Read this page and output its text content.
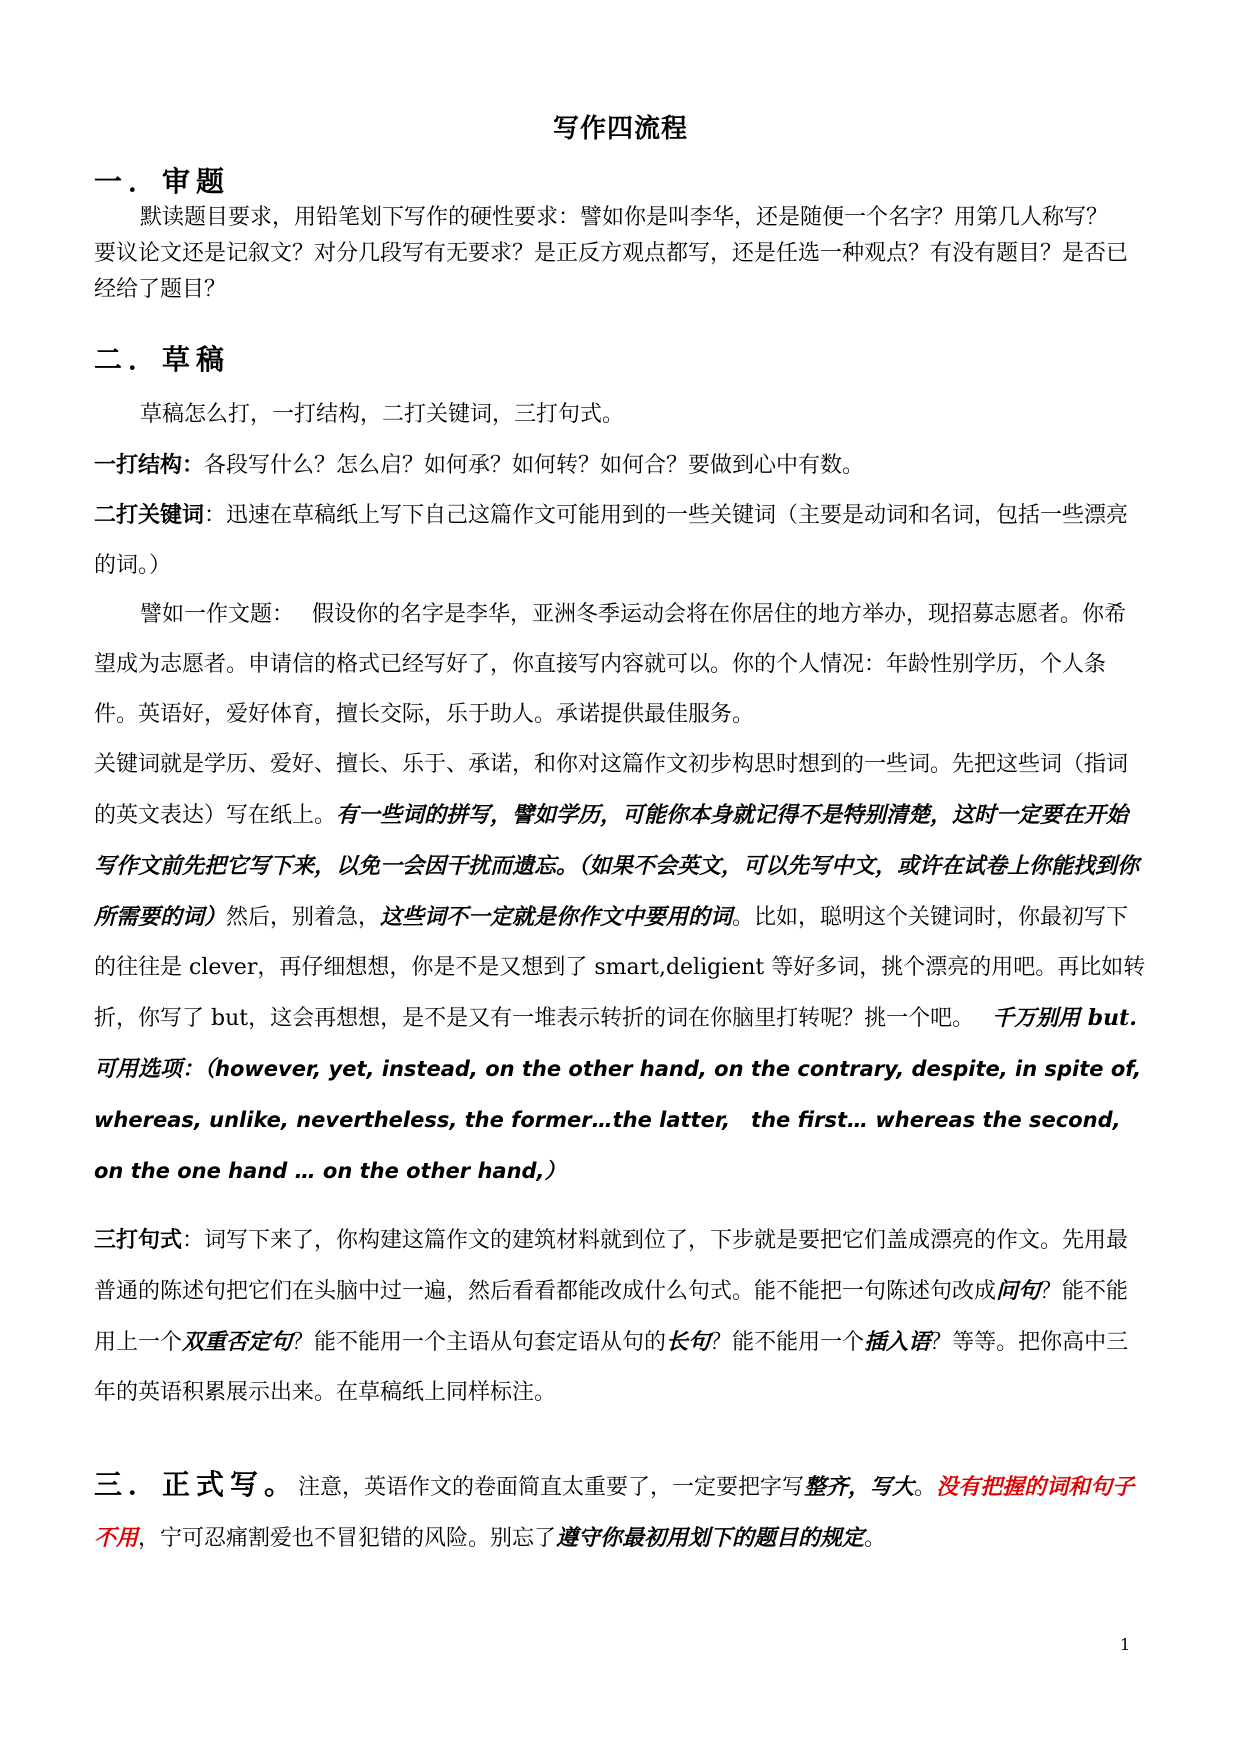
写作四流程
一．审题
默读题目要求，用铅笔划下写作的硬性要求：譬如你是叫李华，还是随便一个名字？用第几人称写？　要议论文还是记叙文？对分几段写有无要求？是正反方观点都写，还是任选一种观点？有没有题目？是否已经给了题目？
二．草稿
草稿怎么打，一打结构，二打关键词，三打句式。
一打结构：各段写什么？怎么启？如何承？如何转？如何合？要做到心中有数。
二打关键词：迅速在草稿纸上写下自己这篇作文可能用到的一些关键词（主要是动词和名词，包括一些漂亮的词。）
譬如一作文题：　 假设你的名字是李华，亚洲冬季运动会将在你居住的地方举办，现招募志愿者。你希望成为志愿者。申请信的格式已经写好了，你直接写内容就可以。你的个人情况：年龄性别学历，个人条件。英语好，爱好体育，擅长交际，乐于助人。承诺提供最佳服务。
关键词就是学历、爱好、擅长、乐于、承诺，和你对这篇作文初步构思时想到的一些词。先把这些词（指词的英文表达）写在纸上。有一些词的拼写，譬如学历，可能你本身就记得不是特别清楚，这时一定要在开始写作文前先把它写下来，以免一会因干扰而遗忘。（如果不会英文，可以先写中文，或许在试卷上你能找到你所需要的词）然后，别着急，这些词不一定就是你作文中要用的词。比如，聪明这个关键词时，你最初写下的往往是 clever，再仔细想想，你是不是又想到了 smart,deligient 等好多词，挑个漂亮的用吧。再比如转折，你写了 but，这会再想想，是不是又有一堆表示转折的词在你脑里打转呢？挑一个吧。　 千万别用 but.可用选项：（however, yet, instead, on the other hand, on the contrary, despite, in spite of, whereas, unlike, nevertheless, the former…the latter,　the first… whereas the second, on the one hand … on the other hand,）
三打句式：词写下来了，你构建这篇作文的建筑材料就到位了，下步就是要把它们盖成漂亮的作文。先用最普通的陈述句把它们在头脑中过一遍，然后看看都能改成什么句式。能不能把一句陈述句改成问句？能不能用上一个双重否定句？能不能用一个主语从句套定语从句的长句？能不能用一个插入语？等等。把你高中三年的英语积累展示出来。在草稿纸上同样标注。
三．正式写。注意，英语作文的卷面简直太重要了，一定要把字写整齐，写大。没有把握的词和句子不用，宁可忍痛割爱也不冒犯错的风险。别忘了遵守你最初用划下的题目的规定。
1
